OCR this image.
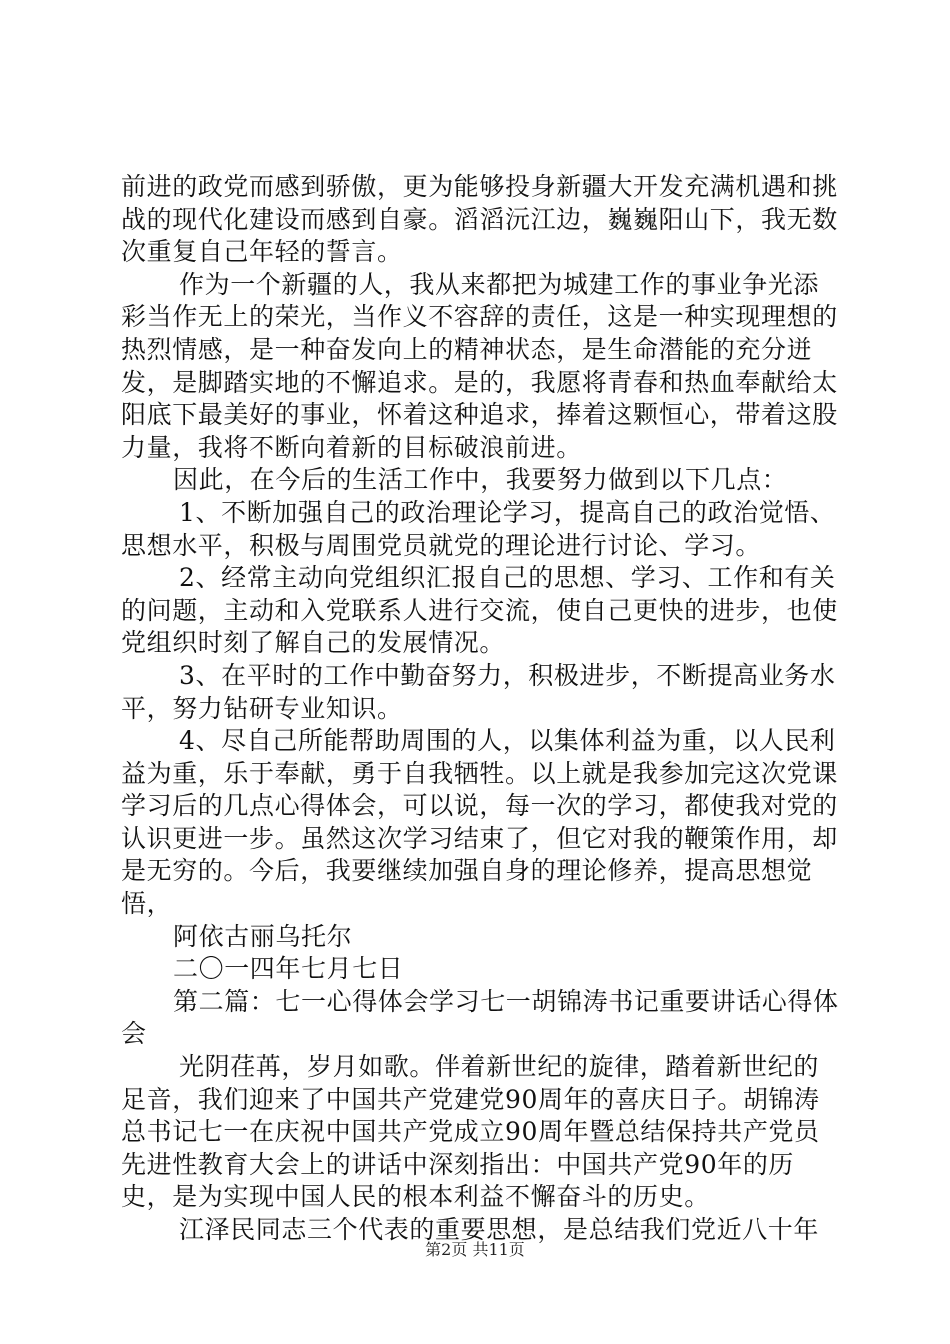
前进的政党而感到骄傲，更为能够投身新疆大开发充满机遇和挑战的现代化建设而感到自豪。滔滔沅江边，巍巍阳山下，我无数次重复自己年轻的誓言。

作为一个新疆的人，我从来都把为城建工作的事业争光添彩当作无上的荣光，当作义不容辞的责任，这是一种实现理想的热烈情感，是一种奋发向上的精神状态，是生命潜能的充分迸发，是脚踏实地的不懈追求。是的，我愿将青春和热血奉献给太阳底下最美好的事业，怀着这种追求，捧着这颗恒心，带着这股力量，我将不断向着新的目标破浪前进。

因此，在今后的生活工作中，我要努力做到以下几点：

1、不断加强自己的政治理论学习，提高自己的政治觉悟、思想水平，积极与周围党员就党的理论进行讨论、学习。

2、经常主动向党组织汇报自己的思想、学习、工作和有关的问题，主动和入党联系人进行交流，使自己更快的进步，也使党组织时刻了解自己的发展情况。

3、在平时的工作中勤奋努力，积极进步，不断提高业务水平，努力钻研专业知识。

4、尽自己所能帮助周围的人，以集体利益为重，以人民利益为重，乐于奉献，勇于自我牺牲。以上就是我参加完这次党课学习后的几点心得体会，可以说，每一次的学习，都使我对党的认识更进一步。虽然这次学习结束了，但它对我的鞭策作用，却是无穷的。今后，我要继续加强自身的理论修养，提高思想觉悟，

阿依古丽乌托尔

二〇一四年七月七日

第二篇：七一心得体会学习七一胡锦涛书记重要讲话心得体会

光阴荏苒，岁月如歌。伴着新世纪的旋律，踏着新世纪的足音，我们迎来了中国共产党建党90周年的喜庆日子。胡锦涛总书记七一在庆祝中国共产党成立90周年暨总结保持共产党员先进性教育大会上的讲话中深刻指出：中国共产党90年的历史，是为实现中国人民的根本利益不懈奋斗的历史。

江泽民同志三个代表的重要思想，是总结我们党近八十年

第2页 共11页
